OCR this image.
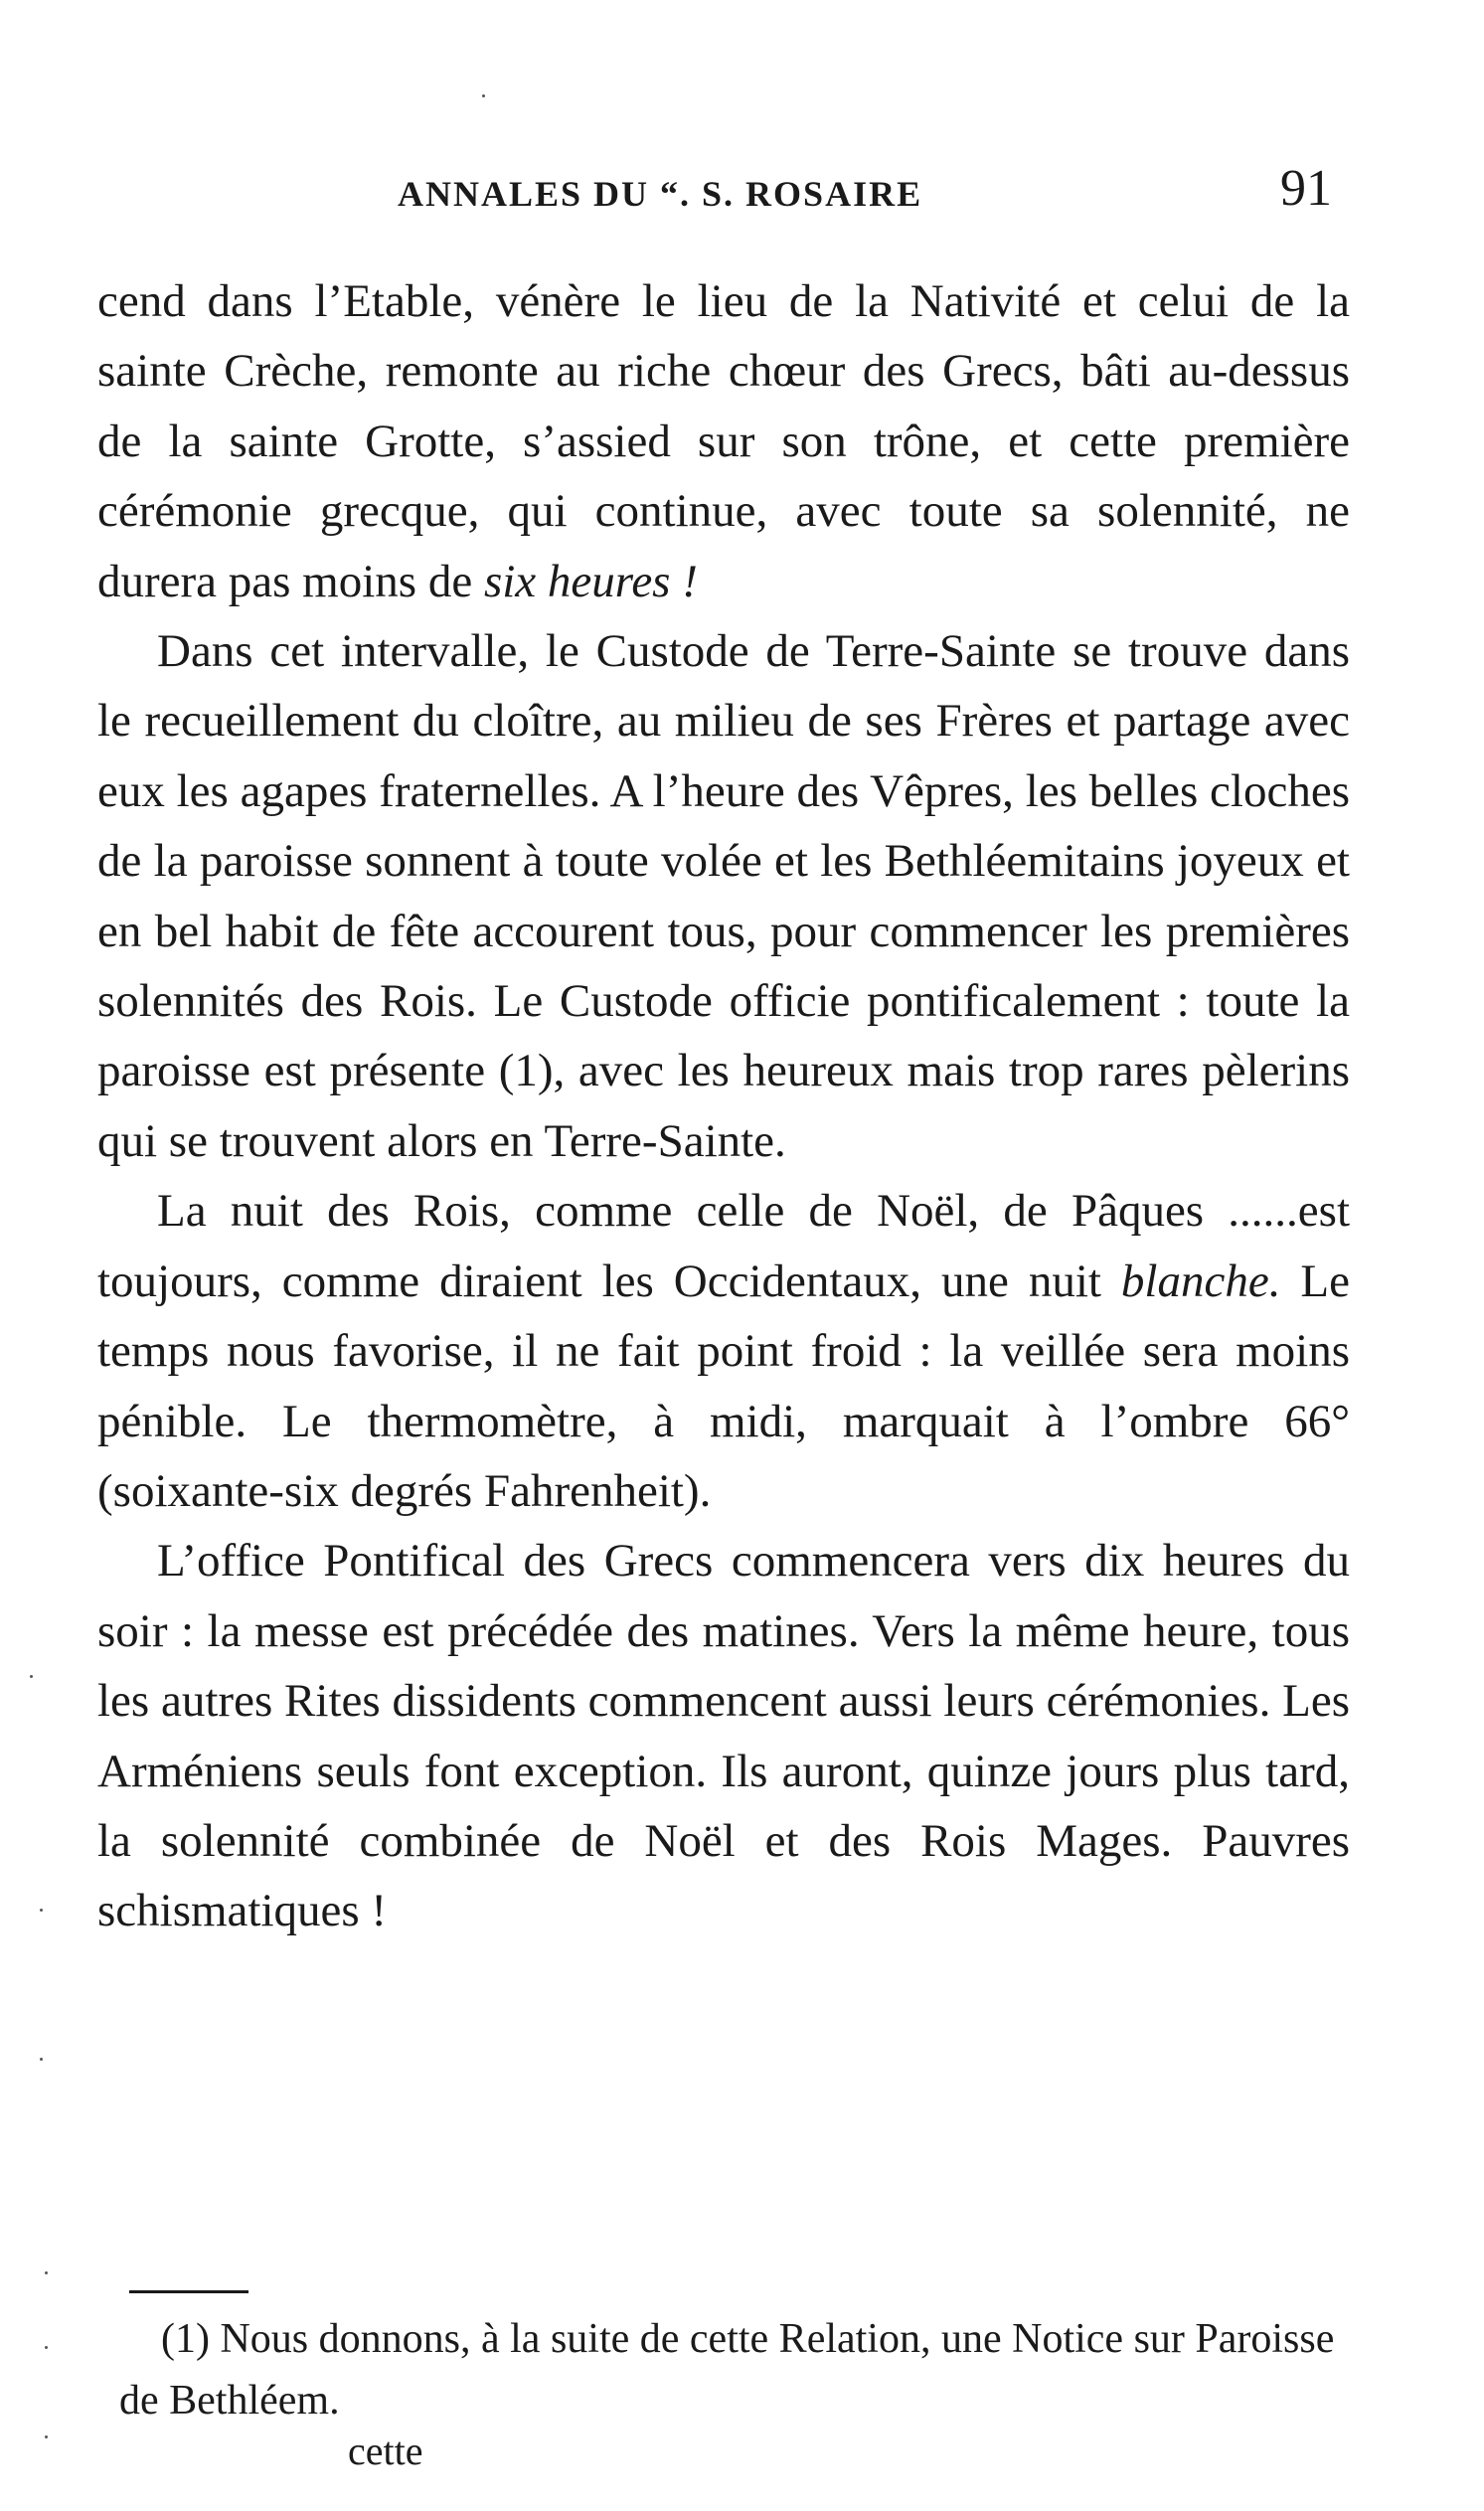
ANNALES DU “. S. ROSAIRE	91

cend dans l’Etable, vénère le lieu de la Nativité et celui de la sainte Crèche, remonte au riche chœur des Grecs, bâti au-dessus de la sainte Grotte, s’assied sur son trône, et cette première cérémonie grecque, qui continue, avec toute sa solennité, ne durera pas moins de six heures !

Dans cet intervalle, le Custode de Terre-Sainte se trouve dans le recueillement du cloître, au milieu de ses Frères et partage avec eux les agapes fraternelles. A l’heure des Vêpres, les belles cloches de la paroisse sonnent à toute volée et les Bethléemitains joyeux et en bel habit de fête accourent tous, pour commencer les premières solennités des Rois. Le Custode officie pontificalement : toute la paroisse est présente (1), avec les heureux mais trop rares pèlerins qui se trouvent alors en Terre-Sainte.

La nuit des Rois, comme celle de Noël, de Pâques ......est toujours, comme diraient les Occidentaux, une nuit blanche. Le temps nous favorise, il ne fait point froid : la veillée sera moins pénible. Le thermomètre, à midi, marquait à l’ombre 66° (soixante-six degrés Fahrenheit).

L’office Pontifical des Grecs commencera vers dix heures du soir : la messe est précédée des matines. Vers la même heure, tous les autres Rites dissidents commencent aussi leurs cérémonies. Les Arméniens seuls font exception. Ils auront, quinze jours plus tard, la solennité combinée de Noël et des Rois Mages. Pauvres schismatiques !

(1) Nous donnons, à la suite de cette Relation, une Notice sur Paroisse de Bethléem.

cette
